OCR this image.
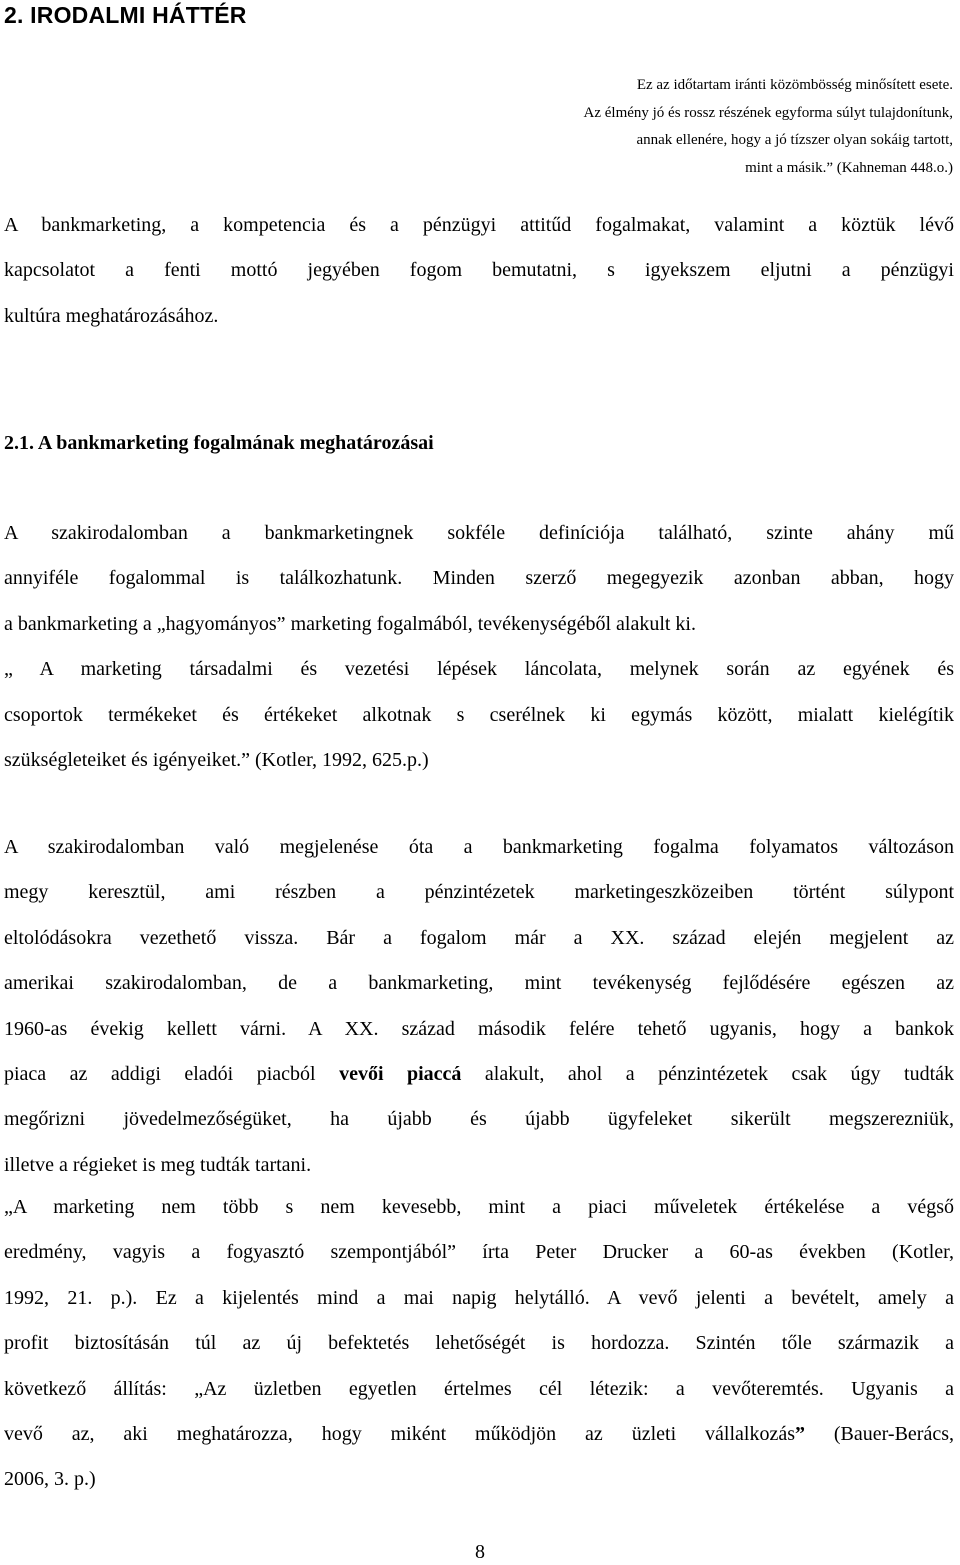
2. IRODALMI HÁTTÉR
Ez az időtartam iránti közömbösség minősített esete.
Az élmény jó és rossz részének egyforma súlyt tulajdonítunk,
annak ellenére, hogy a jó tízszer olyan sokáig tartott,
mint a másik.” (Kahneman 448.o.)

A bankmarketing, a kompetencia és a pénzügyi attitűd fogalmakat, valamint a köztük lévő
kapcsolatot a fenti mottó jegyében fogom bemutatni, s igyekszem eljutni a pénzügyi
kultúra meghatározásához.

2.1. A bankmarketing fogalmának meghatározásai

A szakirodalomban a bankmarketingnek sokféle definíciója található, szinte ahány mű
annyiféle fogalommal is találkozhatunk. Minden szerző megegyezik azonban abban, hogy
a bankmarketing a „hagyományos” marketing fogalmából, tevékenységéből alakult ki.
„ A marketing társadalmi és vezetési lépések láncolata, melynek során az egyének és
csoportok termékeket és értékeket alkotnak s cserélnek ki egymás között, mialatt kielégítik
szükségleteiket és igényeiket.” (Kotler, 1992, 625.p.)

A szakirodalomban való megjelenése óta a bankmarketing fogalma folyamatos változáson
megy keresztül, ami részben a pénzintézetek marketingeszközeiben történt súlypont
eltolódásokra vezethető vissza. Bár a fogalom már a XX. század elején megjelent az
amerikai szakirodalomban, de a bankmarketing, mint tevékenység fejlődésére egészen az
1960-as évekig kellett várni. A XX. század második felére tehető ugyanis, hogy a bankok
piaca az addigi eladói piacból vevői piaccá alakult, ahol a pénzintézetek csak úgy tudták
megőrizni jövedelmezőségüket, ha újabb és újabb ügyfeleket sikerült megszerezniük,
illetve a régieket is meg tudták tartani.

„A marketing nem több s nem kevesebb, mint a piaci műveletek értékelése a végső
eredmény, vagyis a fogyasztó szempontjából” írta Peter Drucker a 60-as években (Kotler,
1992, 21. p.). Ez a kijelentés mind a mai napig helytálló. A vevő jelenti a bevételt, amely a
profit biztosításán túl az új befektetés lehetőségét is hordozza. Szintén tőle származik a
következő állítás: „Az üzletben egyetlen értelmes cél létezik: a vevőteremtés. Ugyanis a
vevő az, aki meghatározza, hogy miként működjön az üzleti vállalkozás” (Bauer-Berács,
2006, 3. p.)

8
